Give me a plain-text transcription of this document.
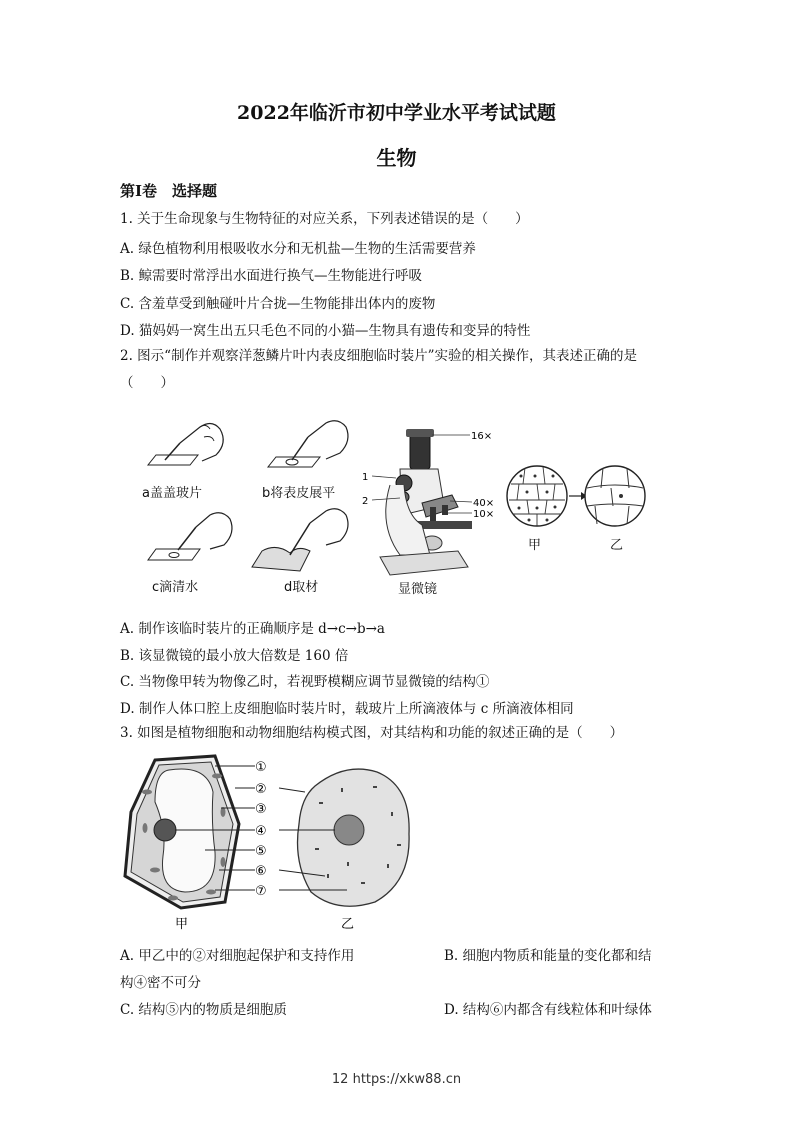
2022年临沂市初中学业水平考试试题
生物
第I卷　选择题
1. 关于生命现象与生物特征的对应关系，下列表述错误的是（　　）
A. 绿色植物利用根吸收水分和无机盐—生物的生活需要营养
B. 鲸需要时常浮出水面进行换气—生物能进行呼吸
C. 含羞草受到触碰叶片合拢—生物能排出体内的废物
D. 猫妈妈一窝生出五只毛色不同的小猫—生物具有遗传和变异的特性
2. 图示“制作并观察洋葱鳞片叶内表皮细胞临时装片”实验的相关操作，其表述正确的是
（　　）
a盖盖玻片	b将表皮展平
c滴清水	d取材
16×
1
2	40×
10×
显微镜
甲	乙
A. 制作该临时装片的正确顺序是 d→c→b→a
B. 该显微镜的最小放大倍数是 160 倍
C. 当物像甲转为物像乙时，若视野模糊应调节显微镜的结构①
D. 制作人体口腔上皮细胞临时装片时，载玻片上所滴液体与 c 所滴液体相同
3. 如图是植物细胞和动物细胞结构模式图，对其结构和功能的叙述正确的是（　　）
①
②
③
④
⑤
⑥
⑦
甲	乙
A. 甲乙中的②对细胞起保护和支持作用	B. 细胞内物质和能量的变化都和结
构④密不可分
C. 结构⑤内的物质是细胞质	D. 结构⑥内都含有线粒体和叶绿体
12 https://xkw88.cn
